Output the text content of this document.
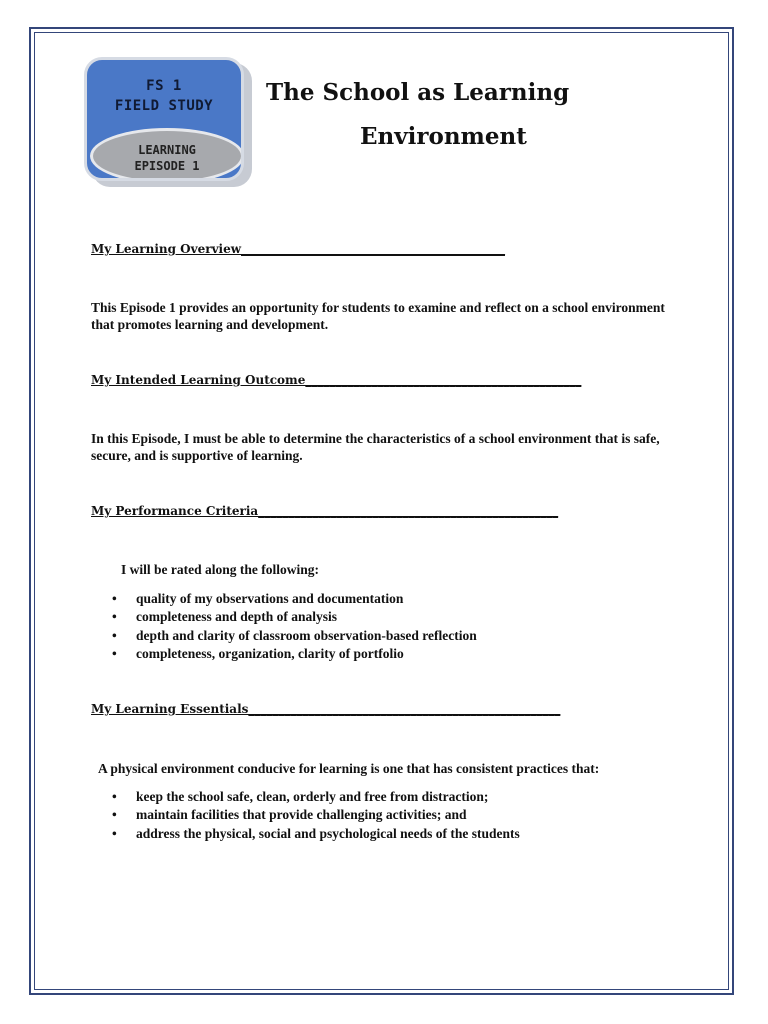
FS 1
FIELD STUDY
LEARNING
EPISODE 1
The School as Learning
Environment
My Learning Overview____________________________________________
This Episode 1 provides an opportunity for students to examine and reflect on a school environment that promotes learning and development.
My Intended Learning Outcome______________________________________________
In this Episode, I must be able to determine the characteristics of a school environment that is safe, secure, and is supportive of learning.
My Performance Criteria__________________________________________________
I will be rated along the following:
• quality of my observations and documentation
• completeness and depth of analysis
• depth and clarity of classroom observation-based reflection
• completeness, organization, clarity of portfolio
My Learning Essentials____________________________________________________
A physical environment conducive for learning is one that has consistent practices that:
• keep the school safe, clean, orderly and free from distraction;
• maintain facilities that provide challenging activities; and
• address the physical, social and psychological needs of the students
